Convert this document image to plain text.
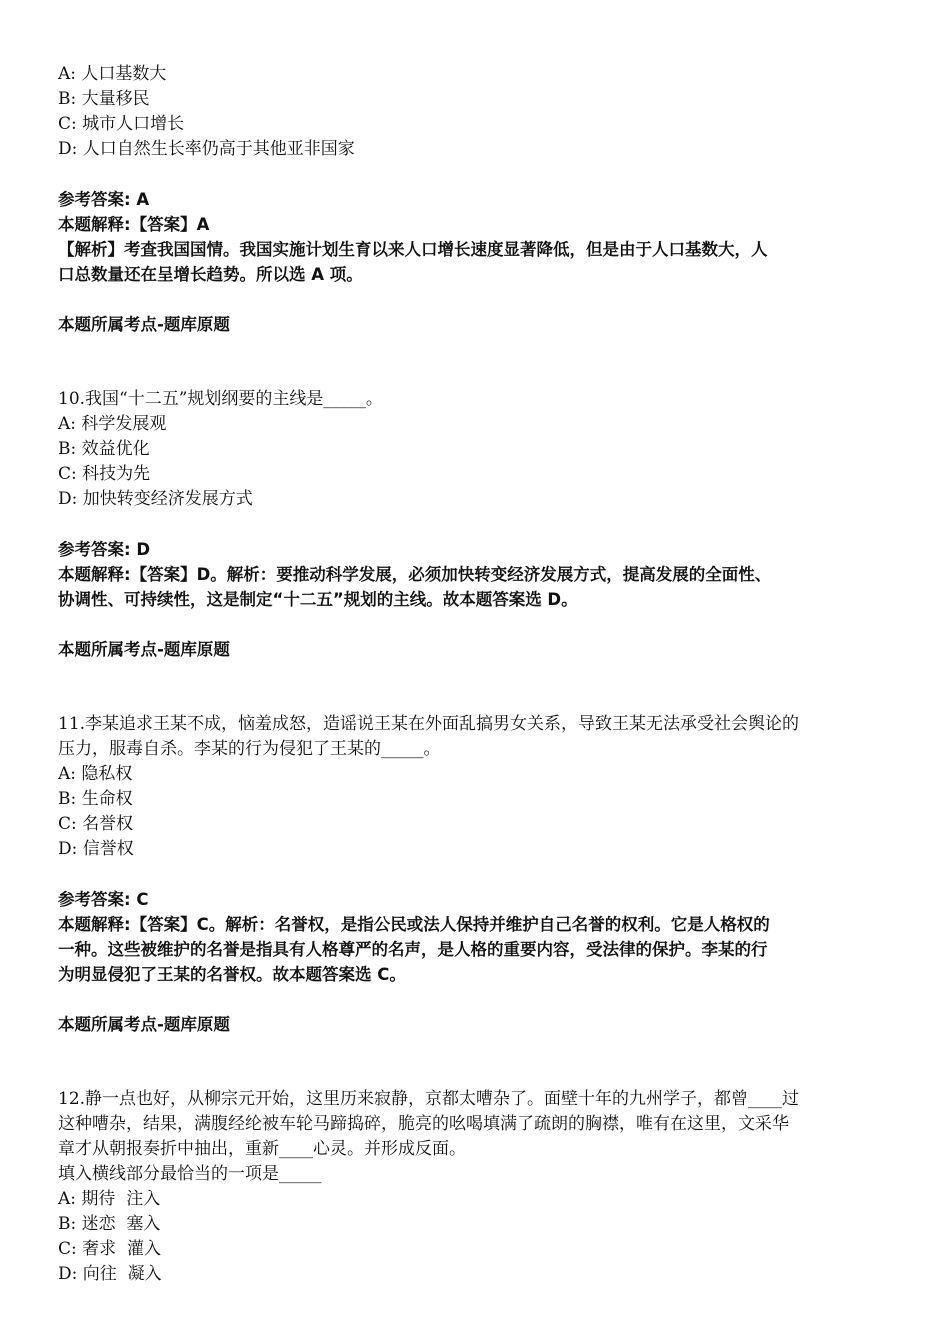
A: 人口基数大

B: 大量移民

C: 城市人口增长

D: 人口自然生长率仍高于其他亚非国家

参考答案: A

本题解释:【答案】A

【解析】考查我国国情。我国实施计划生育以来人口增长速度显著降低，但是由于人口基数大，人

口总数量还在呈增长趋势。所以选 A 项。

本题所属考点-题库原题

10.我国“十二五”规划纲要的主线是_____。

A: 科学发展观

B: 效益优化

C: 科技为先

D: 加快转变经济发展方式

参考答案: D

本题解释:【答案】D。解析：要推动科学发展，必须加快转变经济发展方式，提高发展的全面性、

协调性、可持续性，这是制定“十二五”规划的主线。故本题答案选 D。

本题所属考点-题库原题

11.李某追求王某不成，恼羞成怒，造谣说王某在外面乱搞男女关系，导致王某无法承受社会舆论的

压力，服毒自杀。李某的行为侵犯了王某的_____。

A: 隐私权

B: 生命权

C: 名誉权

D: 信誉权

参考答案: C

本题解释:【答案】C。解析：名誉权，是指公民或法人保持并维护自己名誉的权利。它是人格权的

一种。这些被维护的名誉是指具有人格尊严的名声，是人格的重要内容，受法律的保护。李某的行

为明显侵犯了王某的名誉权。故本题答案选 C。

本题所属考点-题库原题

12.静一点也好，从柳宗元开始，这里历来寂静，京都太嘈杂了。面壁十年的九州学子，都曾____过

这种嘈杂，结果，满腹经纶被车轮马蹄捣碎，脆亮的吆喝填满了疏朗的胸襟，唯有在这里，文采华

章才从朝报奏折中抽出，重新____心灵。并形成反面。

填入横线部分最恰当的一项是_____

A: 期待  注入

B: 迷恋  塞入

C: 奢求  灌入

D: 向往  凝入
